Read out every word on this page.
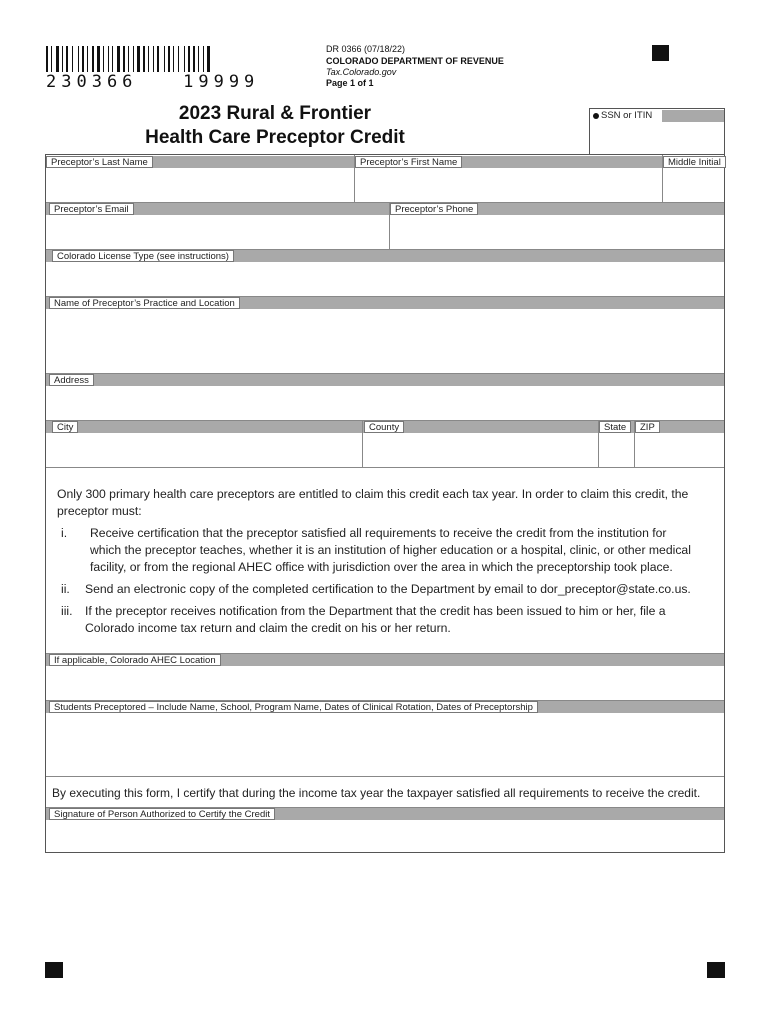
230366   19999
DR 0366 (07/18/22)
COLORADO DEPARTMENT OF REVENUE
Tax.Colorado.gov
Page 1 of 1
2023 Rural & Frontier
Health Care Preceptor Credit
SSN or ITIN
Preceptor’s Last Name	Preceptor’s First Name	Middle Initial
Preceptor’s Email	Preceptor’s Phone
Colorado License Type (see instructions)
Name of Preceptor’s Practice and Location
Address
City	County	State	ZIP
Only 300 primary health care preceptors are entitled to claim this credit each tax year. In order to claim this credit, the
preceptor must:
i. Receive certification that the preceptor satisfied all requirements to receive the credit from the institution for
which the preceptor teaches, whether it is an institution of higher education or a hospital, clinic, or other medical
facility, or from the regional AHEC office with jurisdiction over the area in which the preceptorship took place.
ii. Send an electronic copy of the completed certification to the Department by email to dor_preceptor@state.co.us.
iii. If the preceptor receives notification from the Department that the credit has been issued to him or her, file a
Colorado income tax return and claim the credit on his or her return.
If applicable, Colorado AHEC Location
Students Preceptored – Include Name, School, Program Name, Dates of Clinical Rotation, Dates of Preceptorship
By executing this form, I certify that during the income tax year the taxpayer satisfied all requirements to receive the credit.
Signature of Person Authorized to Certify the Credit
